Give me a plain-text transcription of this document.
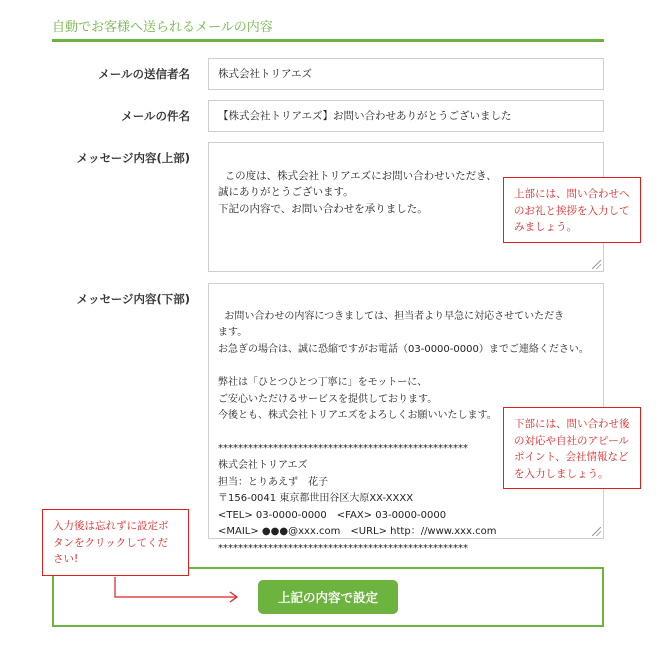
自動でお客様へ送られるメールの内容
メールの送信者名	株式会社トリアエズ
メールの件名	【株式会社トリアエズ】お問い合わせありがとうございました
メッセージ内容(上部)

この度は、株式会社トリアエズにお問い合わせいただき、
誠にありがとうございます。
下記の内容で、お問い合わせを承りました。

メッセージ内容(下部)

お問い合わせの内容につきましては、担当者より早急に対応させていただき
ます。
お急ぎの場合は、誠に恐縮ですがお電話（03-0000-0000）までご連絡ください。

弊社は「ひとつひとつ丁寧に」をモットーに、
ご安心いただけるサービスを提供しております。
今後とも、株式会社トリアエズをよろしくお願いいたします。

**************************************************
株式会社トリアエズ
担当：とりあえず　花子
〒156-0041 東京都世田谷区大原XX-XXXX
<TEL> 03-0000-0000　<FAX> 03-0000-0000
<MAIL> ●●●@xxx.com　<URL> http：//www.xxx.com
**************************************************

上部には、問い合わせへのお礼と挨拶を入力してみましょう。
下部には、問い合わせ後の対応や自社のアピールポイント、会社情報などを入力しましょう。
上記の内容で設定
入力後は忘れずに設定ボタンをクリックしてください!
